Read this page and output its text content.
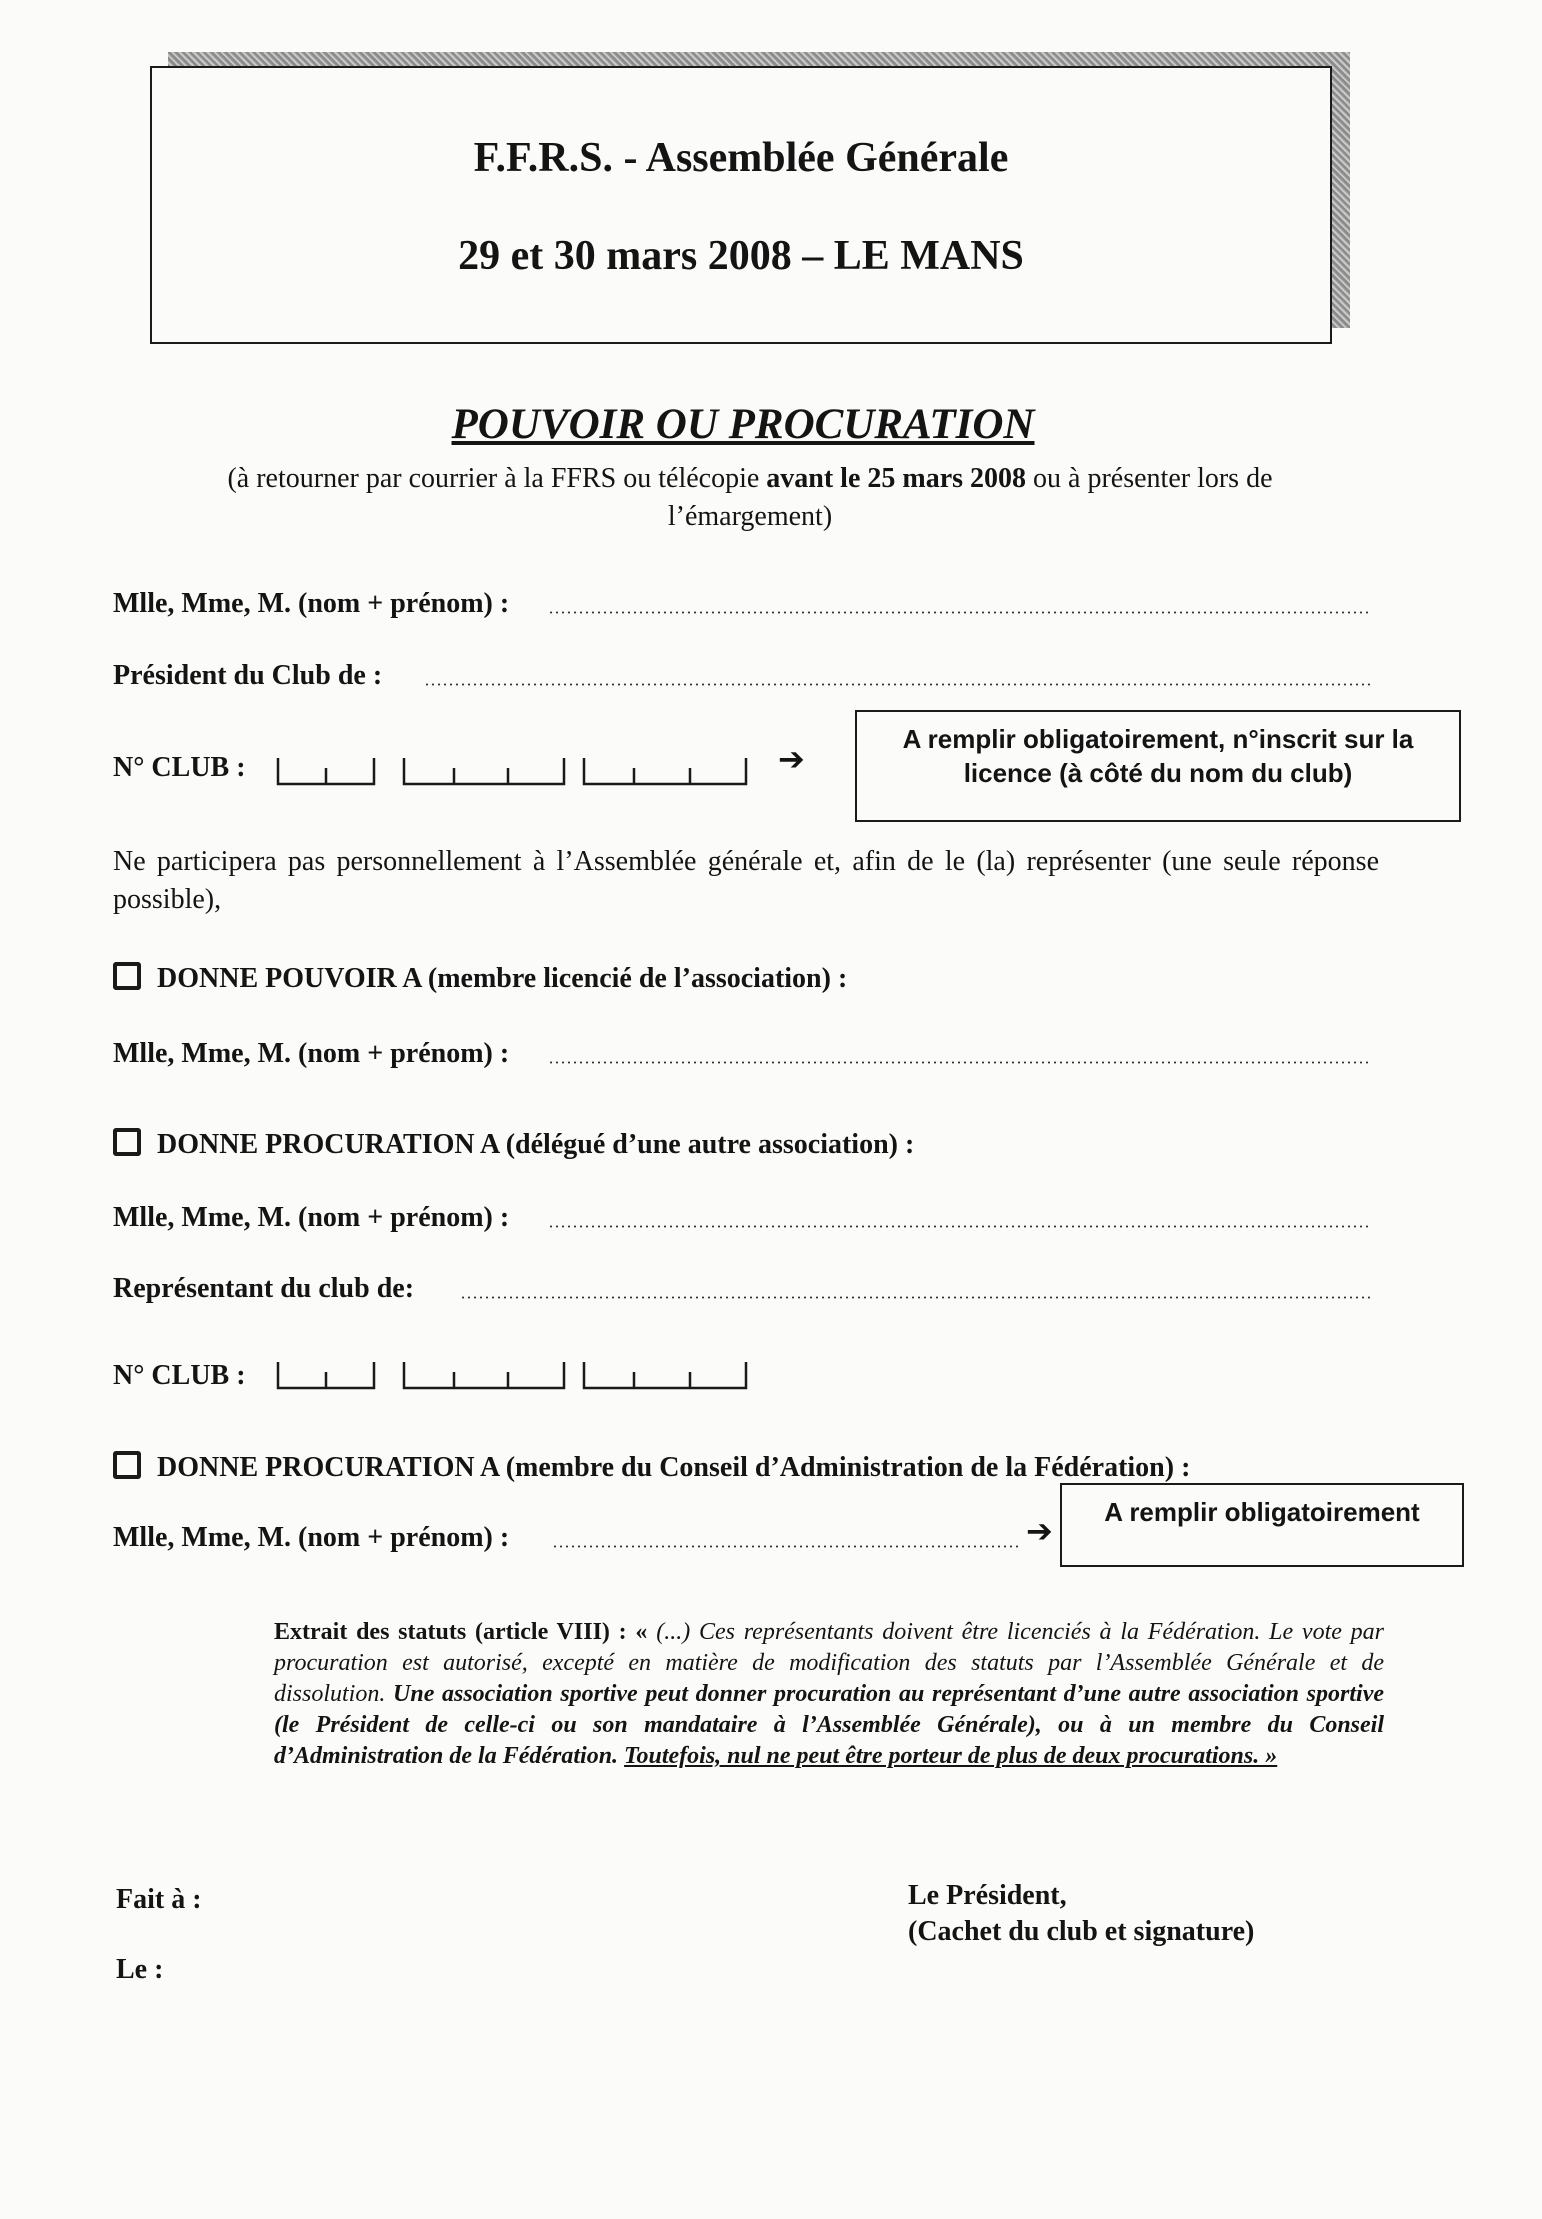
F.F.R.S. - Assemblée Générale
29 et 30 mars 2008 – LE MANS
POUVOIR OU PROCURATION
(à retourner par courrier à la FFRS ou télécopie avant le 25 mars 2008 ou à présenter lors de l’émargement)
Mlle, Mme, M. (nom + prénom) :
Président du Club de :
N° CLUB :	➔
A remplir obligatoirement, n°inscrit sur la licence (à côté du nom du club)
Ne participera pas personnellement à l’Assemblée générale et, afin de le (la) représenter (une seule réponse possible),
DONNE POUVOIR A (membre licencié de l’association) :
Mlle, Mme, M. (nom + prénom) :
DONNE PROCURATION A (délégué d’une autre association) :
Mlle, Mme, M. (nom + prénom) :
Représentant du club de:
N° CLUB :
DONNE PROCURATION A (membre du Conseil d’Administration de la Fédération) :
Mlle, Mme, M. (nom + prénom) :	➔	A remplir obligatoirement
Extrait des statuts (article VIII) : « (...) Ces représentants doivent être licenciés à la Fédération. Le vote par procuration est autorisé, excepté en matière de modification des statuts par l’Assemblée Générale et de dissolution. Une association sportive peut donner procuration au représentant d’une autre association sportive (le Président de celle-ci ou son mandataire à l’Assemblée Générale), ou à un membre du Conseil d’Administration de la Fédération. Toutefois, nul ne peut être porteur de plus de deux procurations. »
Fait à :
Le :
Le Président,
(Cachet du club et signature)
